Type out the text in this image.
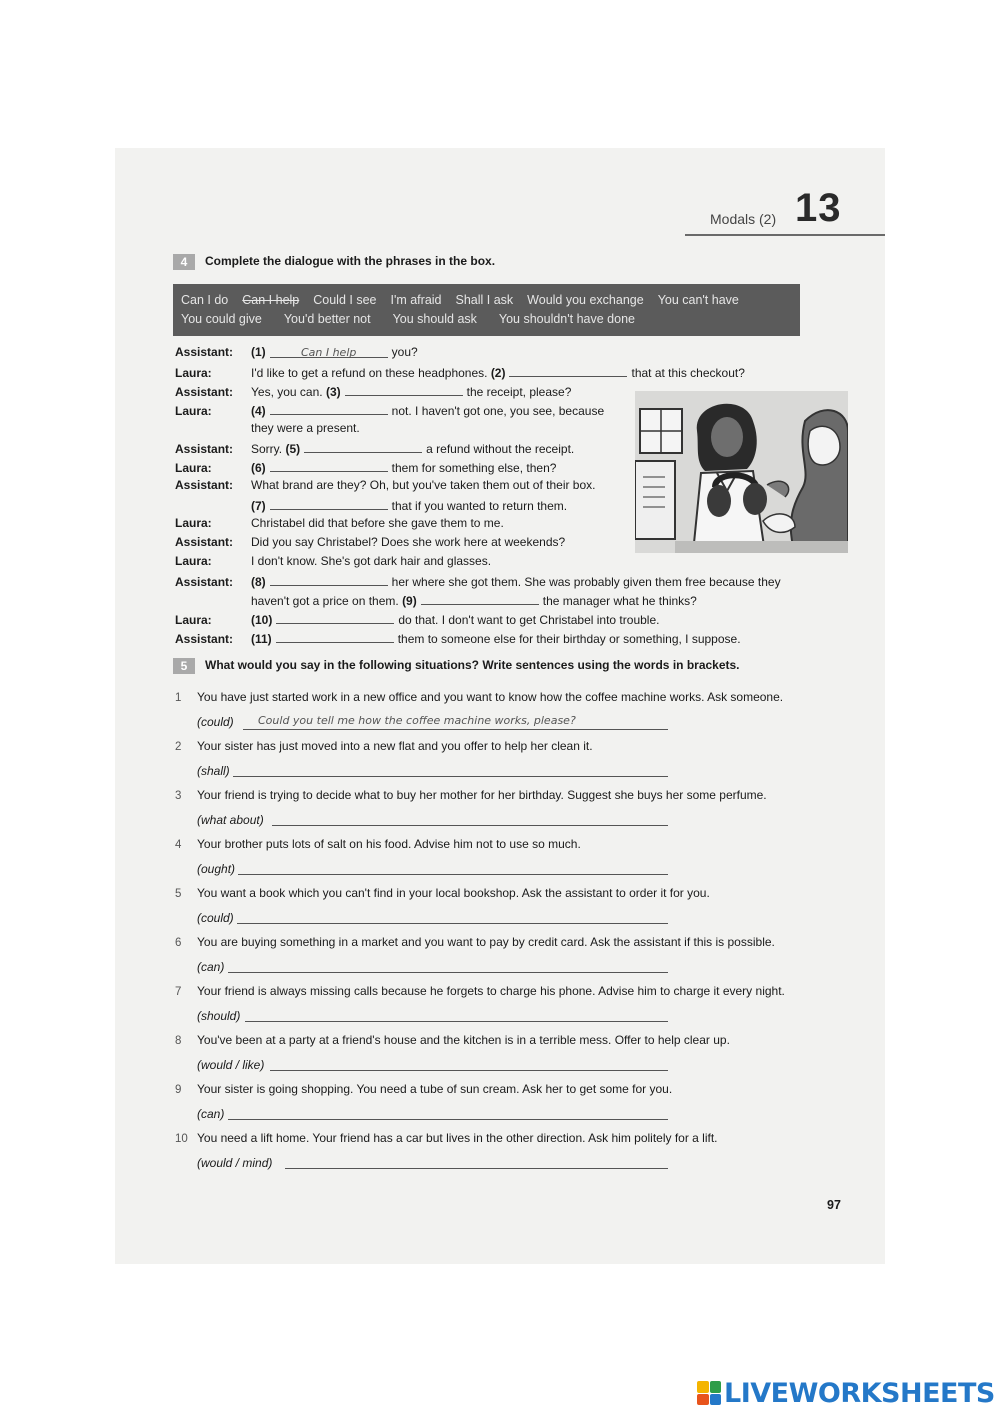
Modals (2) 13
4 Complete the dialogue with the phrases in the box.
Can I do Can I help Could I see I'm afraid Shall I ask Would you exchange You can't have
You could give You'd better not You should ask You shouldn't have done
Assistant: (1)	Can I help	you?
Laura:	I'd like to get a refund on these headphones. (2)	that at this checkout?
Assistant: Yes, you can. (3)	the receipt, please?
Laura:	(4)	not. I haven't got one, you see, because
they were a present.
Assistant: Sorry. (5)	a refund without the receipt.
Laura:	(6)	them for something else, then?
Assistant: What brand are they? Oh, but you've taken them out of their box.
(7)	that if you wanted to return them.
Laura:	Christabel did that before she gave them to me.
Assistant: Did you say Christabel? Does she work here at weekends?
Laura:	I don't know. She's got dark hair and glasses.
Assistant: (8)	her where she got them. She was probably given them free because they
haven't got a price on them. (9)	the manager what he thinks?
Laura:	(10)	do that. I don't want to get Christabel into trouble.
Assistant: (11)	them to someone else for their birthday or something, I suppose.
5 What would you say in the following situations? Write sentences using the words in brackets.
1 You have just started work in a new office and you want to know how the coffee machine works. Ask someone.
(could) Could you tell me how the coffee machine works, please?
2 Your sister has just moved into a new flat and you offer to help her clean it.
(shall)
3 Your friend is trying to decide what to buy her mother for her birthday. Suggest she buys her some perfume.
(what about)
4 Your brother puts lots of salt on his food. Advise him not to use so much.
(ought)
5 You want a book which you can't find in your local bookshop. Ask the assistant to order it for you.
(could)
6 You are buying something in a market and you want to pay by credit card. Ask the assistant if this is possible.
(can)
7 Your friend is always missing calls because he forgets to charge his phone. Advise him to charge it every night.
(should)
8 You've been at a party at a friend's house and the kitchen is in a terrible mess. Offer to help clear up.
(would / like)
9 Your sister is going shopping. You need a tube of sun cream. Ask her to get some for you.
(can)
10 You need a lift home. Your friend has a car but lives in the other direction. Ask him politely for a lift.
(would / mind)
97
LIVEWORKSHEETS
